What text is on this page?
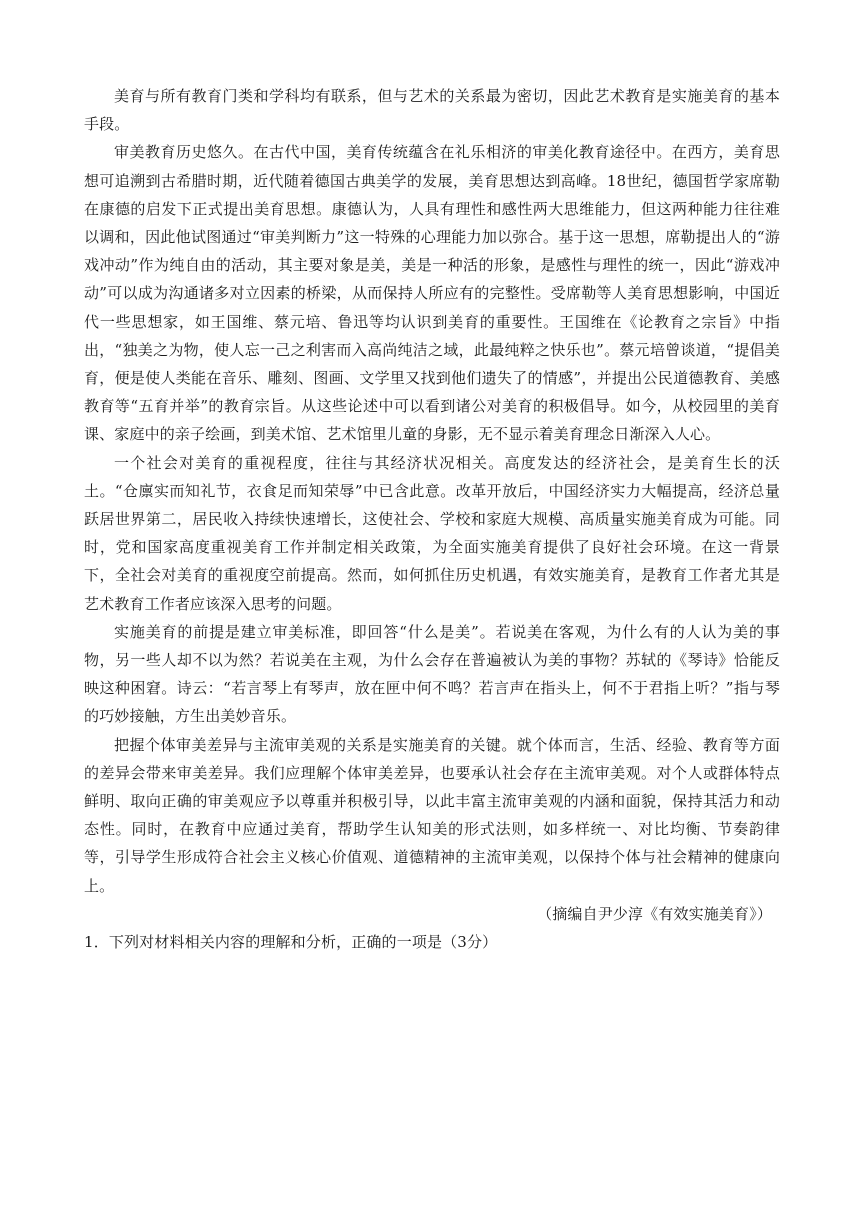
美育与所有教育门类和学科均有联系，但与艺术的关系最为密切，因此艺术教育是实施美育的基本手段。

审美教育历史悠久。在古代中国，美育传统蕴含在礼乐相济的审美化教育途径中。在西方，美育思想可追溯到古希腊时期，近代随着德国古典美学的发展，美育思想达到高峰。18世纪，德国哲学家席勒在康德的启发下正式提出美育思想。康德认为，人具有理性和感性两大思维能力，但这两种能力往往难以调和，因此他试图通过“审美判断力”这一特殊的心理能力加以弥合。基于这一思想，席勒提出人的“游戏冲动”作为纯自由的活动，其主要对象是美，美是一种活的形象，是感性与理性的统一，因此“游戏冲动”可以成为沟通诸多对立因素的桥梁，从而保持人所应有的完整性。受席勒等人美育思想影响，中国近代一些思想家，如王国维、蔡元培、鲁迅等均认识到美育的重要性。王国维在《论教育之宗旨》中指出，“独美之为物，使人忘一己之利害而入高尚纯洁之域，此最纯粹之快乐也”。蔡元培曾谈道，“提倡美育，便是使人类能在音乐、雕刻、图画、文学里又找到他们遗失了的情感”，并提出公民道德教育、美感教育等“五育并举”的教育宗旨。从这些论述中可以看到诸公对美育的积极倡导。如今，从校园里的美育课、家庭中的亲子绘画，到美术馆、艺术馆里儿童的身影，无不显示着美育理念日渐深入人心。

一个社会对美育的重视程度，往往与其经济状况相关。高度发达的经济社会，是美育生长的沃土。“仓廪实而知礼节，衣食足而知荣辱”中已含此意。改革开放后，中国经济实力大幅提高，经济总量跃居世界第二，居民收入持续快速增长，这使社会、学校和家庭大规模、高质量实施美育成为可能。同时，党和国家高度重视美育工作并制定相关政策，为全面实施美育提供了良好社会环境。在这一背景下，全社会对美育的重视度空前提高。然而，如何抓住历史机遇，有效实施美育，是教育工作者尤其是艺术教育工作者应该深入思考的问题。

实施美育的前提是建立审美标准，即回答“什么是美”。若说美在客观，为什么有的人认为美的事物，另一些人却不以为然？若说美在主观，为什么会存在普遍被认为美的事物？苏轼的《琴诗》恰能反映这种困窘。诗云：“若言琴上有琴声，放在匣中何不鸣？若言声在指头上，何不于君指上听？”指与琴的巧妙接触，方生出美妙音乐。

把握个体审美差异与主流审美观的关系是实施美育的关键。就个体而言，生活、经验、教育等方面的差异会带来审美差异。我们应理解个体审美差异，也要承认社会存在主流审美观。对个人或群体特点鲜明、取向正确的审美观应予以尊重并积极引导，以此丰富主流审美观的内涵和面貌，保持其活力和动态性。同时，在教育中应通过美育，帮助学生认知美的形式法则，如多样统一、对比均衡、节奏韵律等，引导学生形成符合社会主义核心价值观、道德精神的主流审美观，以保持个体与社会精神的健康向上。

（摘编自尹少淳《有效实施美育》）

1．下列对材料相关内容的理解和分析，正确的一项是（3分）
